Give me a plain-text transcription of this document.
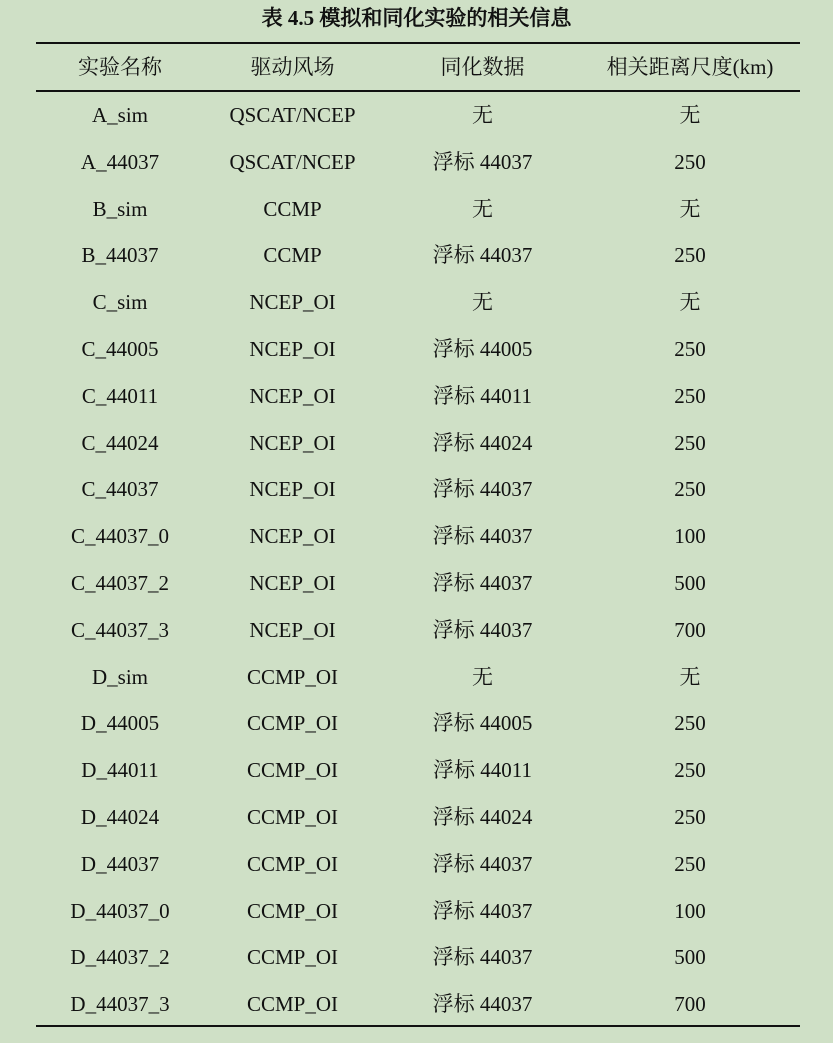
表 4.5 模拟和同化实验的相关信息
实验名称	驱动风场	同化数据	相关距离尺度(km)
A_sim	QSCAT/NCEP	无	无
A_44037	QSCAT/NCEP	浮标 44037	250
B_sim	CCMP	无	无
B_44037	CCMP	浮标 44037	250
C_sim	NCEP_OI	无	无
C_44005	NCEP_OI	浮标 44005	250
C_44011	NCEP_OI	浮标 44011	250
C_44024	NCEP_OI	浮标 44024	250
C_44037	NCEP_OI	浮标 44037	250
C_44037_0	NCEP_OI	浮标 44037	100
C_44037_2	NCEP_OI	浮标 44037	500
C_44037_3	NCEP_OI	浮标 44037	700
D_sim	CCMP_OI	无	无
D_44005	CCMP_OI	浮标 44005	250
D_44011	CCMP_OI	浮标 44011	250
D_44024	CCMP_OI	浮标 44024	250
D_44037	CCMP_OI	浮标 44037	250
D_44037_0	CCMP_OI	浮标 44037	100
D_44037_2	CCMP_OI	浮标 44037	500
D_44037_3	CCMP_OI	浮标 44037	700
